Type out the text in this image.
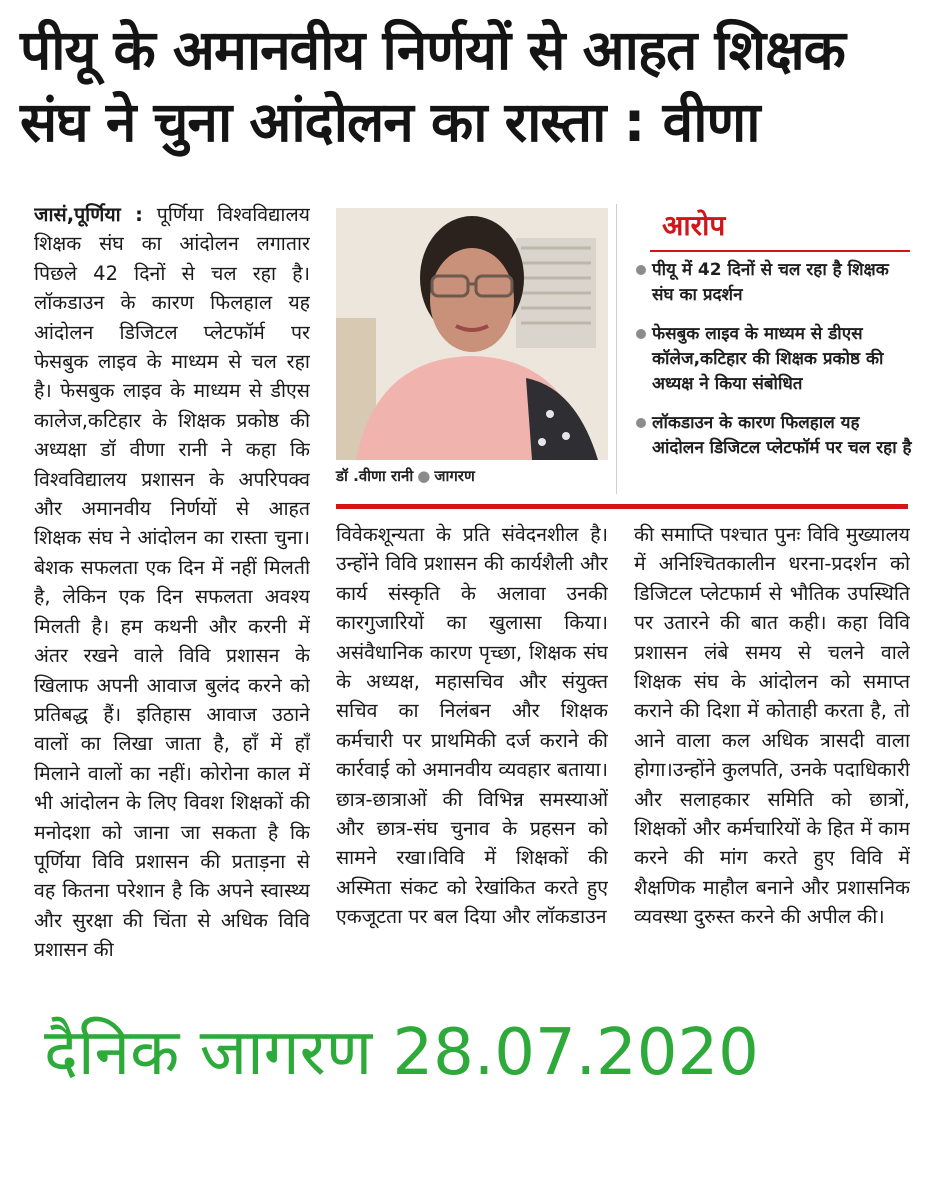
पीयू के अमानवीय निर्णयों से आहत शिक्षक संघ ने चुना आंदोलन का रास्ता : वीणा
जासं,पूर्णिया : पूर्णिया विश्वविद्यालय शिक्षक संघ का आंदोलन लगातार पिछले 42 दिनों से चल रहा है। लॉकडाउन के कारण फिलहाल यह आंदोलन डिजिटल प्लेटफॉर्म पर फेसबुक लाइव के माध्यम से चल रहा है। फेसबुक लाइव के माध्यम से डीएस कालेज,कटिहार के शिक्षक प्रकोष्ठ की अध्यक्षा डॉ वीणा रानी ने कहा कि विश्वविद्यालय प्रशासन के अपरिपक्व और अमानवीय निर्णयों से आहत शिक्षक संघ ने आंदोलन का रास्ता चुना। बेशक सफलता एक दिन में नहीं मिलती है, लेकिन एक दिन सफलता अवश्य मिलती है। हम कथनी और करनी में अंतर रखने वाले विवि प्रशासन के खिलाफ अपनी आवाज बुलंद करने को प्रतिबद्ध हैं। इतिहास आवाज उठाने वालों का लिखा जाता है, हाँ में हाँ मिलाने वालों का नहीं। कोरोना काल में भी आंदोलन के लिए विवश शिक्षकों की मनोदशा को जाना जा सकता है कि पूर्णिया विवि प्रशासन की प्रताड़ना से वह कितना परेशान है कि अपने स्वास्थ्य और सुरक्षा की चिंता से अधिक विवि प्रशासन की
डॉ .वीणा रानी ● जागरण
आरोप
पीयू में 42 दिनों से चल रहा है शिक्षक संघ का प्रदर्शन
फेसबुक लाइव के माध्यम से डीएस कॉलेज,कटिहार की शिक्षक प्रकोष्ठ की अध्यक्ष ने किया संबोधित
लॉकडाउन के कारण फिलहाल यह आंदोलन डिजिटल प्लेटफॉर्म पर चल रहा है
विवेकशून्यता के प्रति संवेदनशील है।उन्होंने विवि प्रशासन की कार्यशैली और कार्य संस्कृति के अलावा उनकी कारगुजारियों का खुलासा किया। असंवैधानिक कारण पृच्छा, शिक्षक संघ के अध्यक्ष, महासचिव और संयुक्त सचिव का निलंबन और शिक्षक कर्मचारी पर प्राथमिकी दर्ज कराने की कार्रवाई को अमानवीय व्यवहार बताया। छात्र-छात्राओं की विभिन्न समस्याओं और छात्र-संघ चुनाव के प्रहसन को सामने रखा।विवि में शिक्षकों की अस्मिता संकट को रेखांकित करते हुए एकजूटता पर बल दिया और लॉकडाउन
की समाप्ति पश्चात पुनः विवि मुख्यालय में अनिश्चितकालीन धरना-प्रदर्शन को डिजिटल प्लेटफार्म से भौतिक उपस्थिति पर उतारने की बात कही। कहा विवि प्रशासन लंबे समय से चलने वाले शिक्षक संघ के आंदोलन को समाप्त कराने की दिशा में कोताही करता है, तो आने वाला कल अधिक त्रासदी वाला होगा।उन्होंने कुलपति, उनके पदाधिकारी और सलाहकार समिति को छात्रों, शिक्षकों और कर्मचारियों के हित में काम करने की मांग करते हुए विवि में शैक्षणिक माहौल बनाने और प्रशासनिक व्यवस्था दुरुस्त करने की अपील की।
दैनिक जागरण 28.07.2020
